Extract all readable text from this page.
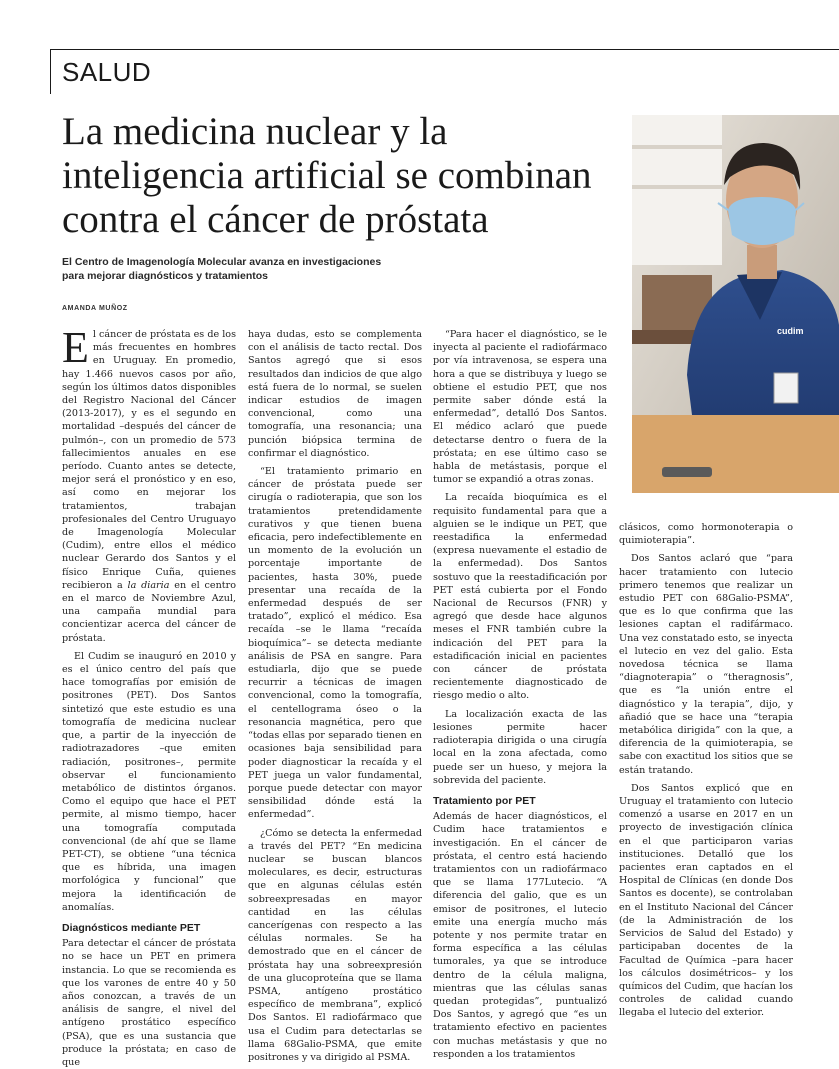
SALUD
La medicina nuclear y la
inteligencia artificial se combinan
contra el cáncer de próstata
El Centro de Imagenología Molecular avanza en investigaciones
para mejorar diagnósticos y tratamientos
AMANDA MUÑOZ
cudim

El cáncer de próstata es de los más frecuentes en hombres en Uruguay. En promedio, hay 1.466 nuevos casos por año, según los últimos datos disponibles del Registro Nacional del Cáncer (2013-2017), y es el segundo en mortalidad –después del cáncer de pulmón–, con un promedio de 573 fallecimientos anuales en ese período. Cuanto antes se detecte, mejor será el pronóstico y en eso, así como en mejorar los tratamientos, trabajan profesionales del Centro Uruguayo de Imagenología Molecular (Cudim), entre ellos el médico nuclear Gerardo dos Santos y el físico Enrique Cuña, quienes recibieron a la diaria en el centro en el marco de Noviembre Azul, una campaña mundial para concientizar acerca del cáncer de próstata.

El Cudim se inauguró en 2010 y es el único centro del país que hace tomografías por emisión de positrones (PET). Dos Santos sintetizó que este estudio es una tomografía de medicina nuclear que, a partir de la inyección de radiotrazadores –que emiten radiación, positrones–, permite observar el funcionamiento metabólico de distintos órganos. Como el equipo que hace el PET permite, al mismo tiempo, hacer una tomografía computada convencional (de ahí que se llame PET-CT), se obtiene “una técnica que es híbrida, una imagen morfológica y funcional” que mejora la identificación de anomalías.

Diagnósticos mediante PET

Para detectar el cáncer de próstata no se hace un PET en primera instancia. Lo que se recomienda es que los varones de entre 40 y 50 años conozcan, a través de un análisis de sangre, el nivel del antígeno prostático específico (PSA), que es una sustancia que produce la próstata; en caso de que

haya dudas, esto se complementa con el análisis de tacto rectal. Dos Santos agregó que si esos resultados dan indicios de que algo está fuera de lo normal, se suelen indicar estudios de imagen convencional, como una tomografía, una resonancia; una punción biópsica termina de confirmar el diagnóstico.

“El tratamiento primario en cáncer de próstata puede ser cirugía o radioterapia, que son los tratamientos pretendidamente curativos y que tienen buena eficacia, pero indefectiblemente en un momento de la evolución un porcentaje importante de pacientes, hasta 30%, puede presentar una recaída de la enfermedad después de ser tratado”, explicó el médico. Esa recaída –se le llama “recaída bioquímica”– se detecta mediante análisis de PSA en sangre. Para estudiarla, dijo que se puede recurrir a técnicas de imagen convencional, como la tomografía, el centellograma óseo o la resonancia magnética, pero que “todas ellas por separado tienen en ocasiones baja sensibilidad para poder diagnosticar la recaída y el PET juega un valor fundamental, porque puede detectar con mayor sensibilidad dónde está la enfermedad”.

¿Cómo se detecta la enfermedad a través del PET? “En medicina nuclear se buscan blancos moleculares, es decir, estructuras que en algunas células estén sobreexpresadas en mayor cantidad en las células cancerígenas con respecto a las células normales. Se ha demostrado que en el cáncer de próstata hay una sobreexpresión de una glucoproteína que se llama PSMA, antígeno prostático específico de membrana”, explicó Dos Santos. El radiofármaco que usa el Cudim para detectarlas se llama 68Galio-PSMA, que emite positrones y va dirigido al PSMA.

“Para hacer el diagnóstico, se le inyecta al paciente el radiofármaco por vía intravenosa, se espera una hora a que se distribuya y luego se obtiene el estudio PET, que nos permite saber dónde está la enfermedad”, detalló Dos Santos. El médico aclaró que puede detectarse dentro o fuera de la próstata; en ese último caso se habla de metástasis, porque el tumor se expandió a otras zonas.

La recaída bioquímica es el requisito fundamental para que a alguien se le indique un PET, que reestadifica la enfermedad (expresa nuevamente el estadio de la enfermedad). Dos Santos sostuvo que la reestadificación por PET está cubierta por el Fondo Nacional de Recursos (FNR) y agregó que desde hace algunos meses el FNR también cubre la indicación del PET para la estadificación inicial en pacientes con cáncer de próstata recientemente diagnosticado de riesgo medio o alto.

La localización exacta de las lesiones permite hacer radioterapia dirigida o una cirugía local en la zona afectada, como puede ser un hueso, y mejora la sobrevida del paciente.

Tratamiento por PET

Además de hacer diagnósticos, el Cudim hace tratamientos e investigación. En el cáncer de próstata, el centro está haciendo tratamientos con un radiofármaco que se llama 177Lutecio. “A diferencia del galio, que es un emisor de positrones, el lutecio emite una energía mucho más potente y nos permite tratar en forma específica a las células tumorales, ya que se introduce dentro de la célula maligna, mientras que las células sanas quedan protegidas”, puntualizó Dos Santos, y agregó que “es un tratamiento efectivo en pacientes con muchas metástasis y que no responden a los tratamientos

clásicos, como hormonoterapia o quimioterapia”.

Dos Santos aclaró que “para hacer tratamiento con lutecio primero tenemos que realizar un estudio PET con 68Galio-PSMA”, que es lo que confirma que las lesiones captan el radifármaco. Una vez constatado esto, se inyecta el lutecio en vez del galio. Esta novedosa técnica se llama “diagnoterapia” o “theragnosis”, que es “la unión entre el diagnóstico y la terapia”, dijo, y añadió que se hace una “terapia metabólica dirigida” con la que, a diferencia de la quimioterapia, se sabe con exactitud los sitios que se están tratando.

Dos Santos explicó que en Uruguay el tratamiento con lutecio comenzó a usarse en 2017 en un proyecto de investigación clínica en el que participaron varias instituciones. Detalló que los pacientes eran captados en el Hospital de Clínicas (en donde Dos Santos es docente), se controlaban en el Instituto Nacional del Cáncer (de la Administración de los Servicios de Salud del Estado) y participaban docentes de la Facultad de Química –para hacer los cálculos dosimétricos– y los químicos del Cudim, que hacían los controles de calidad cuando llegaba el lutecio del exterior.
